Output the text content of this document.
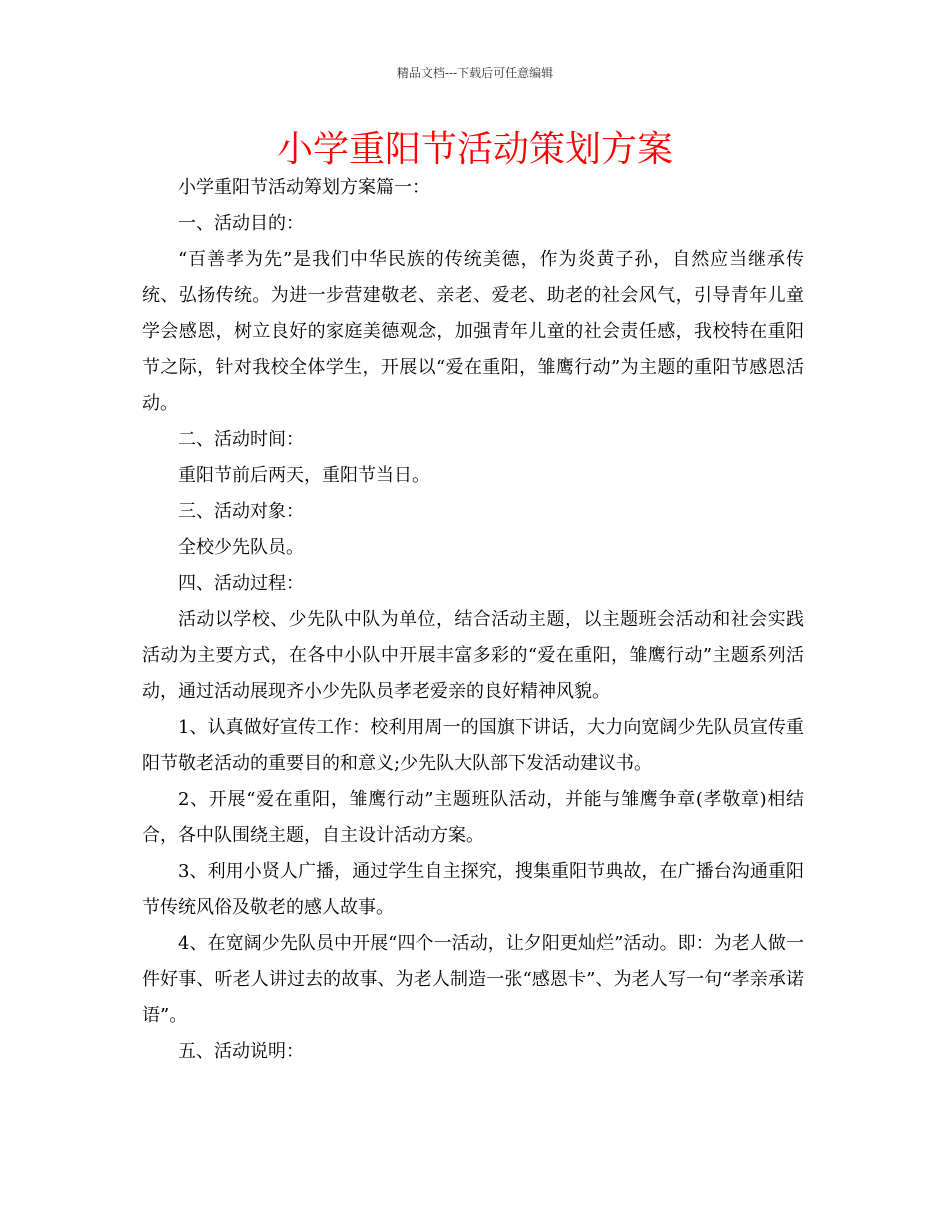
精品文档---下载后可任意编辑
小学重阳节活动策划方案

小学重阳节活动筹划方案篇一：

一、活动目的：

“百善孝为先”是我们中华民族的传统美德，作为炎黄子孙，自然应当继承传统、弘扬传统。为进一步营建敬老、亲老、爱老、助老的社会风气，引导青年儿童学会感恩，树立良好的家庭美德观念，加强青年儿童的社会责任感，我校特在重阳节之际，针对我校全体学生，开展以“爱在重阳，雏鹰行动”为主题的重阳节感恩活动。

二、活动时间：

重阳节前后两天，重阳节当日。

三、活动对象：

全校少先队员。

四、活动过程：

活动以学校、少先队中队为单位，结合活动主题，以主题班会活动和社会实践活动为主要方式，在各中小队中开展丰富多彩的“爱在重阳，雏鹰行动”主题系列活动，通过活动展现齐小少先队员孝老爱亲的良好精神风貌。

1、认真做好宣传工作：校利用周一的国旗下讲话，大力向宽阔少先队员宣传重阳节敬老活动的重要目的和意义;少先队大队部下发活动建议书。

2、开展“爱在重阳，雏鹰行动”主题班队活动，并能与雏鹰争章(孝敬章)相结合，各中队围绕主题，自主设计活动方案。

3、利用小贤人广播，通过学生自主探究，搜集重阳节典故，在广播台沟通重阳节传统风俗及敬老的感人故事。

4、在宽阔少先队员中开展“四个一活动，让夕阳更灿烂”活动。即：为老人做一件好事、听老人讲过去的故事、为老人制造一张“感恩卡”、为老人写一句“孝亲承诺语”。

五、活动说明：
